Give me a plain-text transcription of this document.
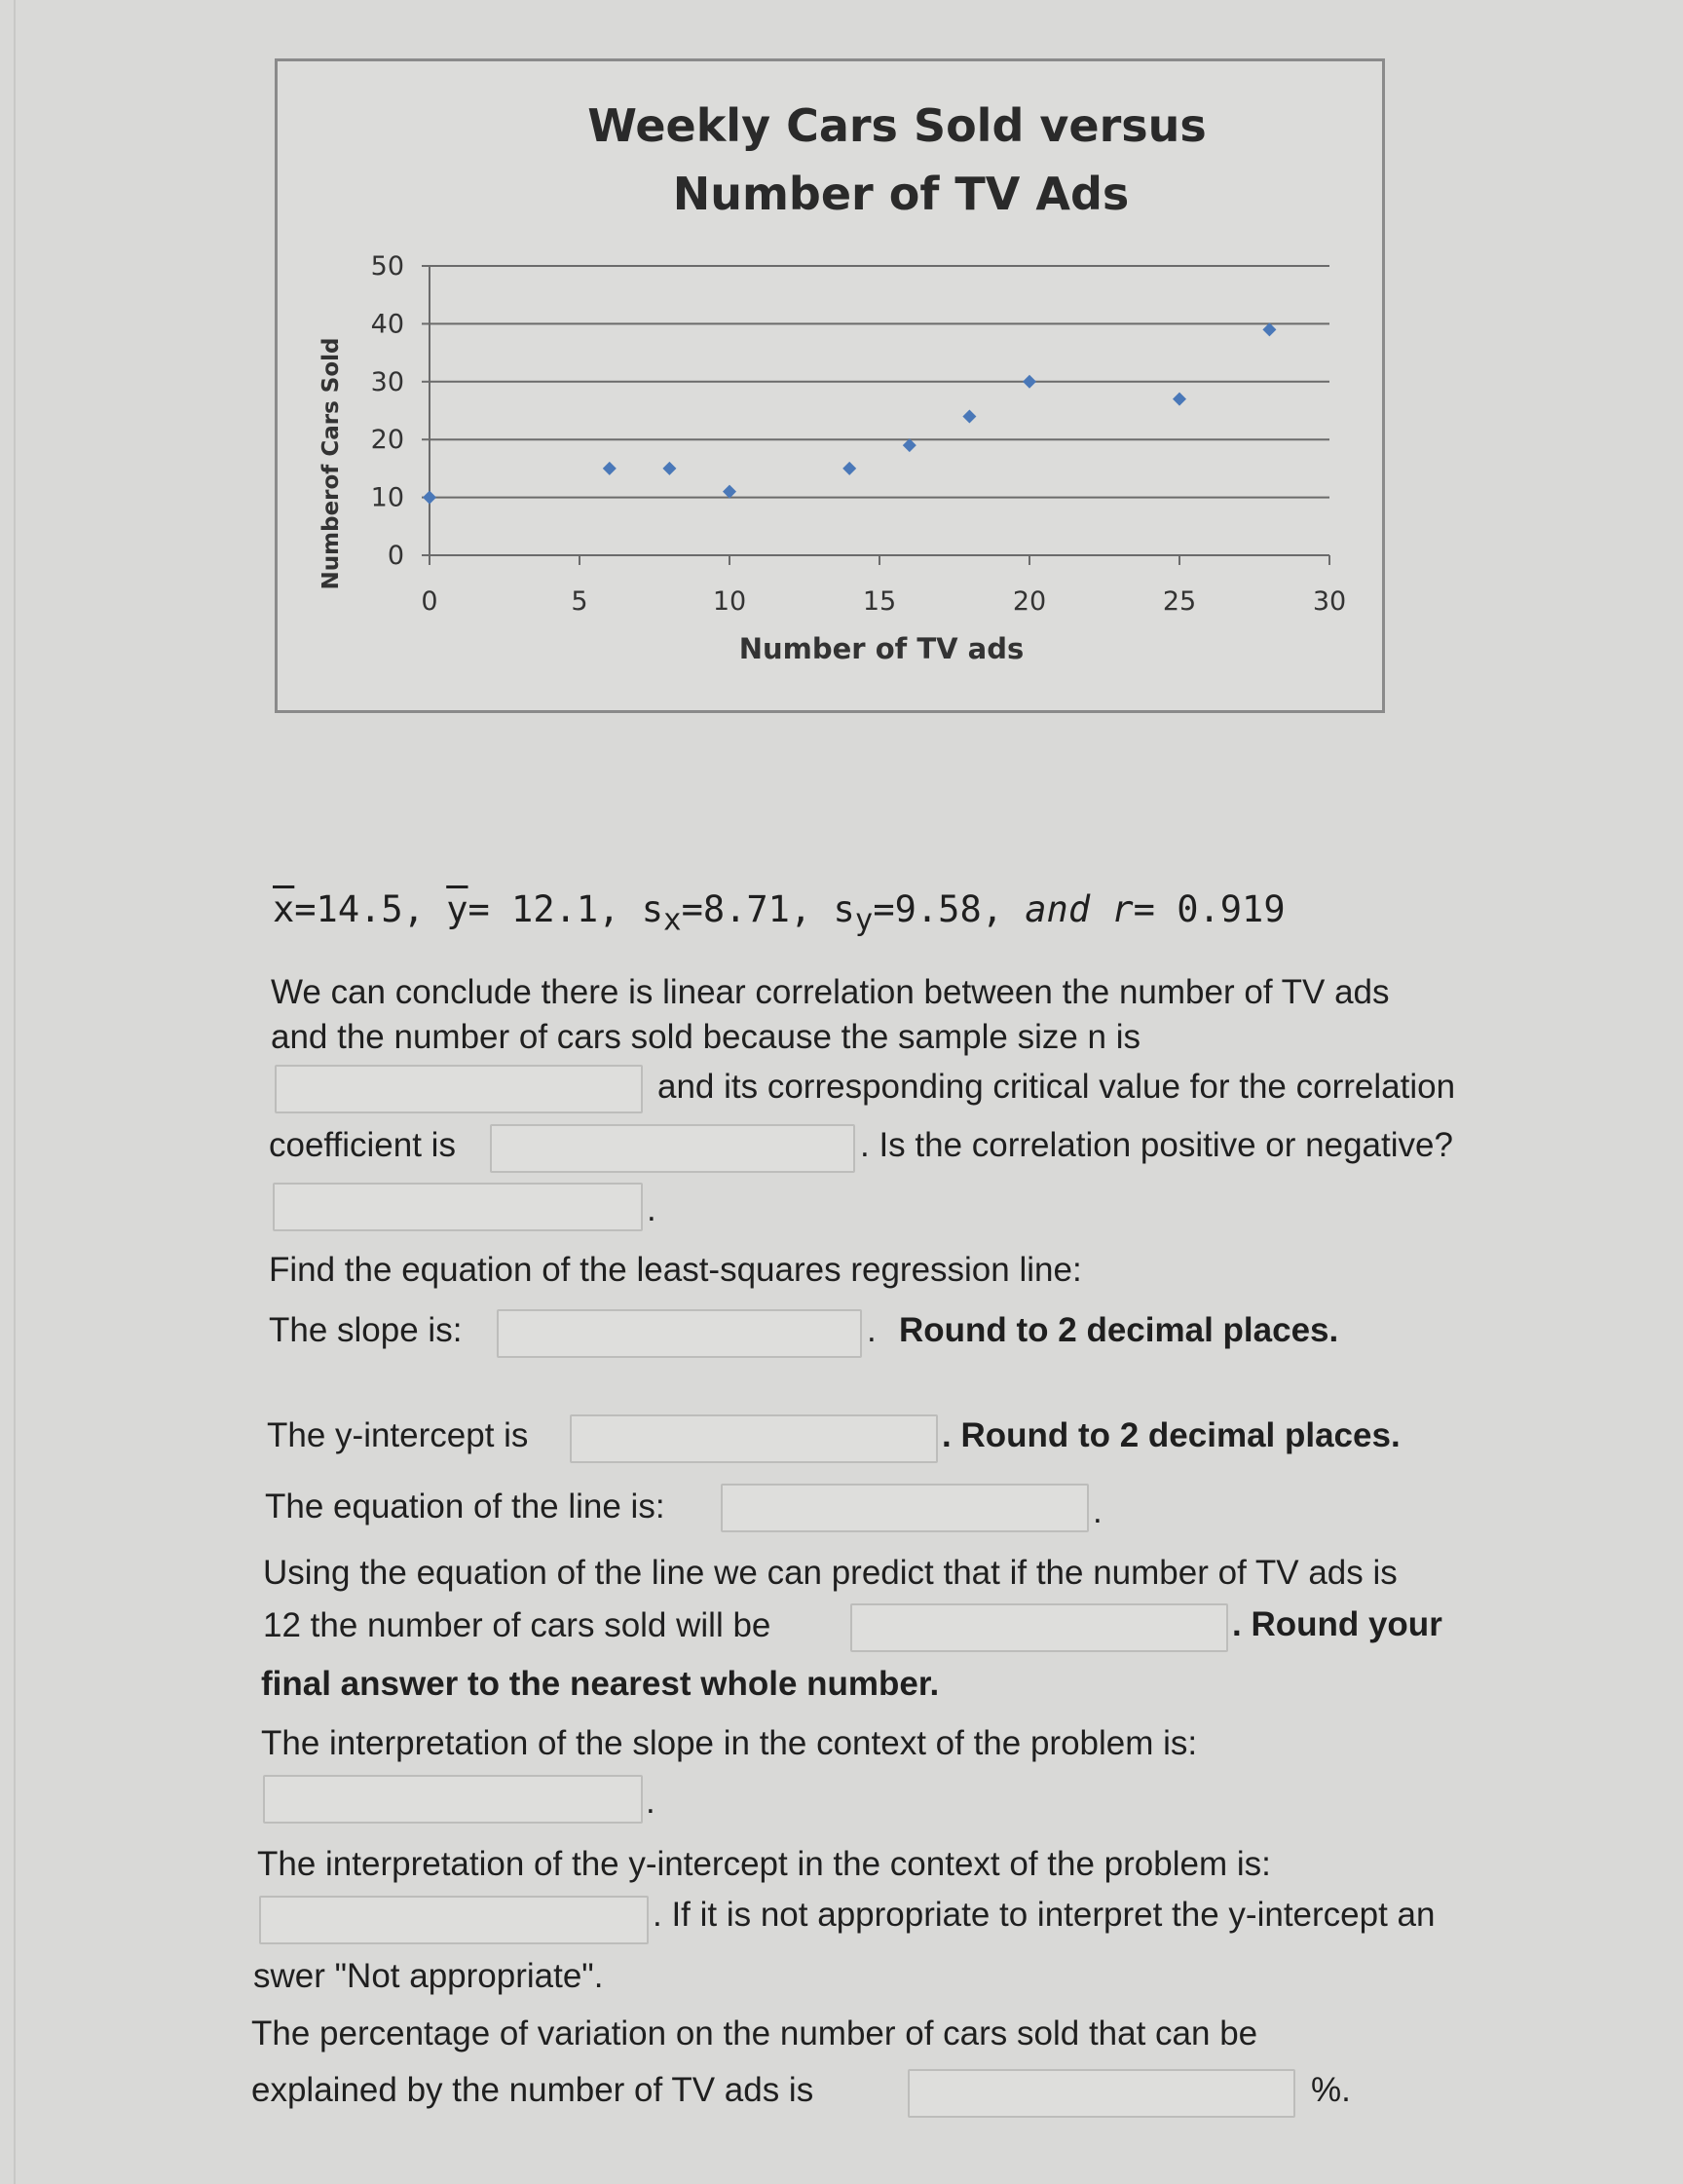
Weekly Cars Sold versus
Number of TV Ads
0
10
20
30
40
50
0	5	10	15	20	25	30
Number of TV ads
Numberof Cars Sold
$\overline{x}=14.5$, $\overline{y}= 12.1$, $s_x=8.71$, $s_y=9.58$, and r= 0.919
We can conclude there is linear correlation between the number of TV ads
and the number of cars sold because the sample size n is
and its corresponding critical value for the correlation
coefficient is	. Is the correlation positive or negative?
.
Find the equation of the least-squares regression line:
The slope is:	. Round to 2 decimal places.
The y-intercept is	. Round to 2 decimal places.
The equation of the line is:	.
Using the equation of the line we can predict that if the number of TV ads is
12 the number of cars sold will be	. Round your
final answer to the nearest whole number.
The interpretation of the slope in the context of the problem is:
.
The interpretation of the y-intercept in the context of the problem is:
. If it is not appropriate to interpret the y-intercept an
swer "Not appropriate".
The percentage of variation on the number of cars sold that can be
explained by the number of TV ads is	%.
